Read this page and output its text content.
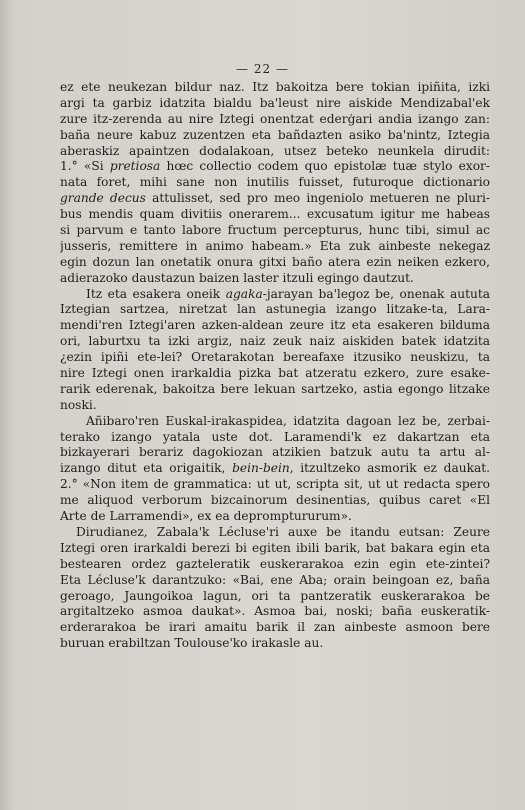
— 22 —
ez ete neukezan bildur naz. Itz bakoitza bere tokian ipiñita, izki
argi ta garbiz idatzita bialdu ba'leust nire aiskide Mendizabal'ek
zure itz-zerenda au nire Iztegi onentzat ederġari andia izango zan:
baña neure kabuz zuzentzen eta bañdazten asiko ba'nintz, Iztegia
aberaskiz apaintzen dodalakoan, utsez beteko neunkela dirudit:
1.° «Si pretiosa hœc collectio codem quo epistolæ tuæ stylo exor-
nata foret, mihi sane non inutilis fuisset, futuroque dictionario
grande decus attulisset, sed pro meo ingeniolo metueren ne pluri-
bus mendis quam divitiis onerarem... excusatum igitur me habeas
si parvum e tanto labore fructum percepturus, hunc tibi, simul ac
jusseris, remittere in animo habeam.» Eta zuk ainbeste nekegaz
egin dozun lan onetatik onura gitxi baño atera ezin neiken ezkero,
adierazoko daustazun baizen laster itzuli egingo dautzut.
Itz eta esakera oneik agaka-jarayan ba'legoz be, onenak aututa
Iztegian sartzea, niretzat lan astunegia izango litzake-ta, Lara-
mendi'ren Iztegi'aren azken-aldean zeure itz eta esakeren bilduma
ori, laburtxu ta izki argiz, naiz zeuk naiz aiskiden batek idatzita
¿ezin ipiñi ete-lei? Oretarakotan bereafaxe itzusiko neuskizu, ta
nire Iztegi onen irarkaldia pizka bat atzeratu ezkero, zure esake-
rarik ederenak, bakoitza bere lekuan sartzeko, astia egongo litzake
noski.
Añibaro'ren Euskal-irakaspidea, idatzita dagoan lez be, zerbai-
terako izango yatala uste dot. Laramendi'k ez dakartzan eta
bizkayerari berariz dagokiozan atzikien batzuk autu ta artu al-
izango ditut eta origaitik, bein-bein, itzultzeko asmorik ez daukat.
2.° «Non item de grammatica: ut ut, scripta sit, ut ut redacta spero
me aliquod verborum bizcainorum desinentias, quibus caret «El
Arte de Larramendi», ex ea depromptururum».
Dirudianez, Zabala'k Lécluse'ri auxe be itandu eutsan: Zeure
Iztegi oren irarkaldi berezi bi egiten ibili barik, bat bakara egin eta
bestearen ordez gazteleratik euskerarakoa ezin egin ete-zintei?
Eta Lécluse'k darantzuko: «Bai, ene Aba; orain beingoan ez, baña
geroago, Jaungoikoa lagun, ori ta pantzeratik euskerarakoa be
argitaltzeko asmoa daukat». Asmoa bai, noski; baña euskeratik-
erderarakoa be irari amaitu barik il zan ainbeste asmoon bere
buruan erabiltzan Toulouse'ko irakasle au.
